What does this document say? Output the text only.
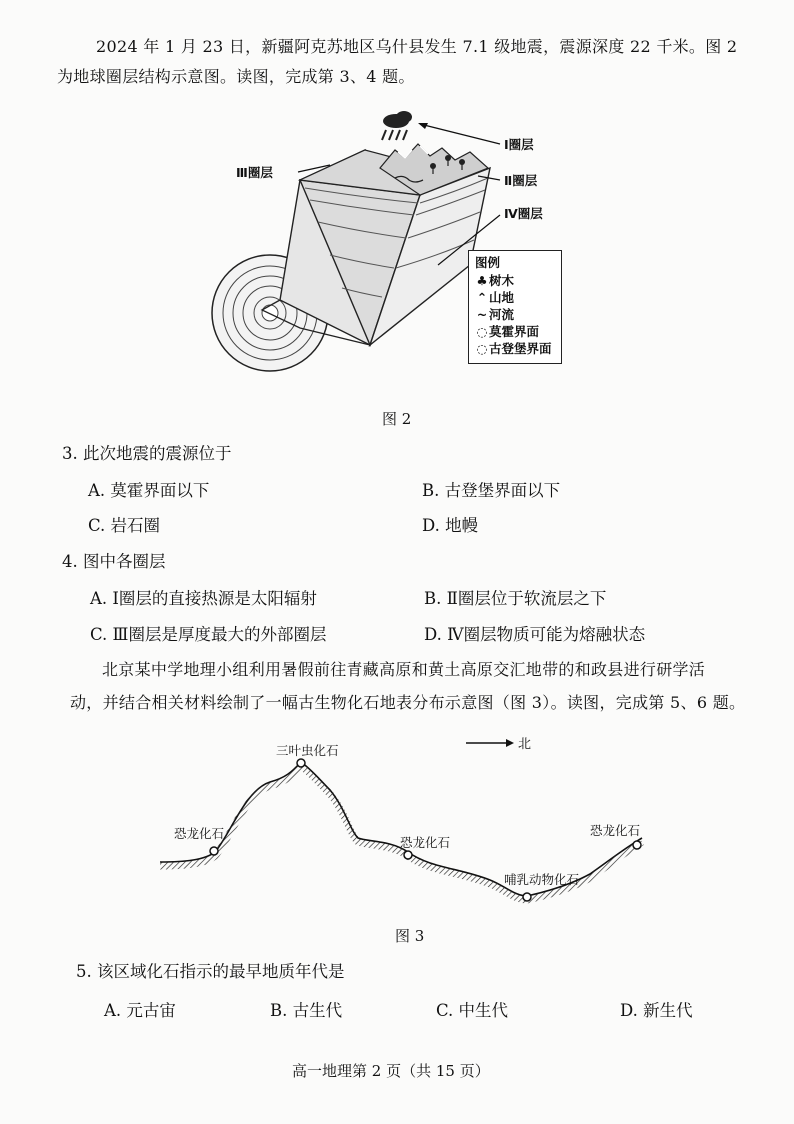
2024 年 1 月 23 日，新疆阿克苏地区乌什县发生 7.1 级地震，震源深度 22 千米。图 2
为地球圈层结构示意图。读图，完成第 3、4 题。
Ⅰ圈层
Ⅱ圈层
Ⅲ圈层
Ⅳ圈层
图例
♣树木
⌃ 山地
~ 河流
◌ 莫霍界面
◌ 古登堡界面
图 2
3. 此次地震的震源位于
A. 莫霍界面以下	B. 古登堡界面以下
C. 岩石圈	D. 地幔
4. 图中各圈层
A. Ⅰ圈层的直接热源是太阳辐射	B. Ⅱ圈层位于软流层之下
C. Ⅲ圈层是厚度最大的外部圈层	D. Ⅳ圈层物质可能为熔融状态
北京某中学地理小组利用暑假前往青藏高原和黄土高原交汇地带的和政县进行研学活
动，并结合相关材料绘制了一幅古生物化石地表分布示意图（图 3）。读图，完成第 5、6 题。
北
三叶虫化石
恐龙化石
恐龙化石
恐龙化石
哺乳动物化石
图 3
5. 该区域化石指示的最早地质年代是
A. 元古宙	B. 古生代	C. 中生代	D. 新生代
高一地理第 2 页（共 15 页）
